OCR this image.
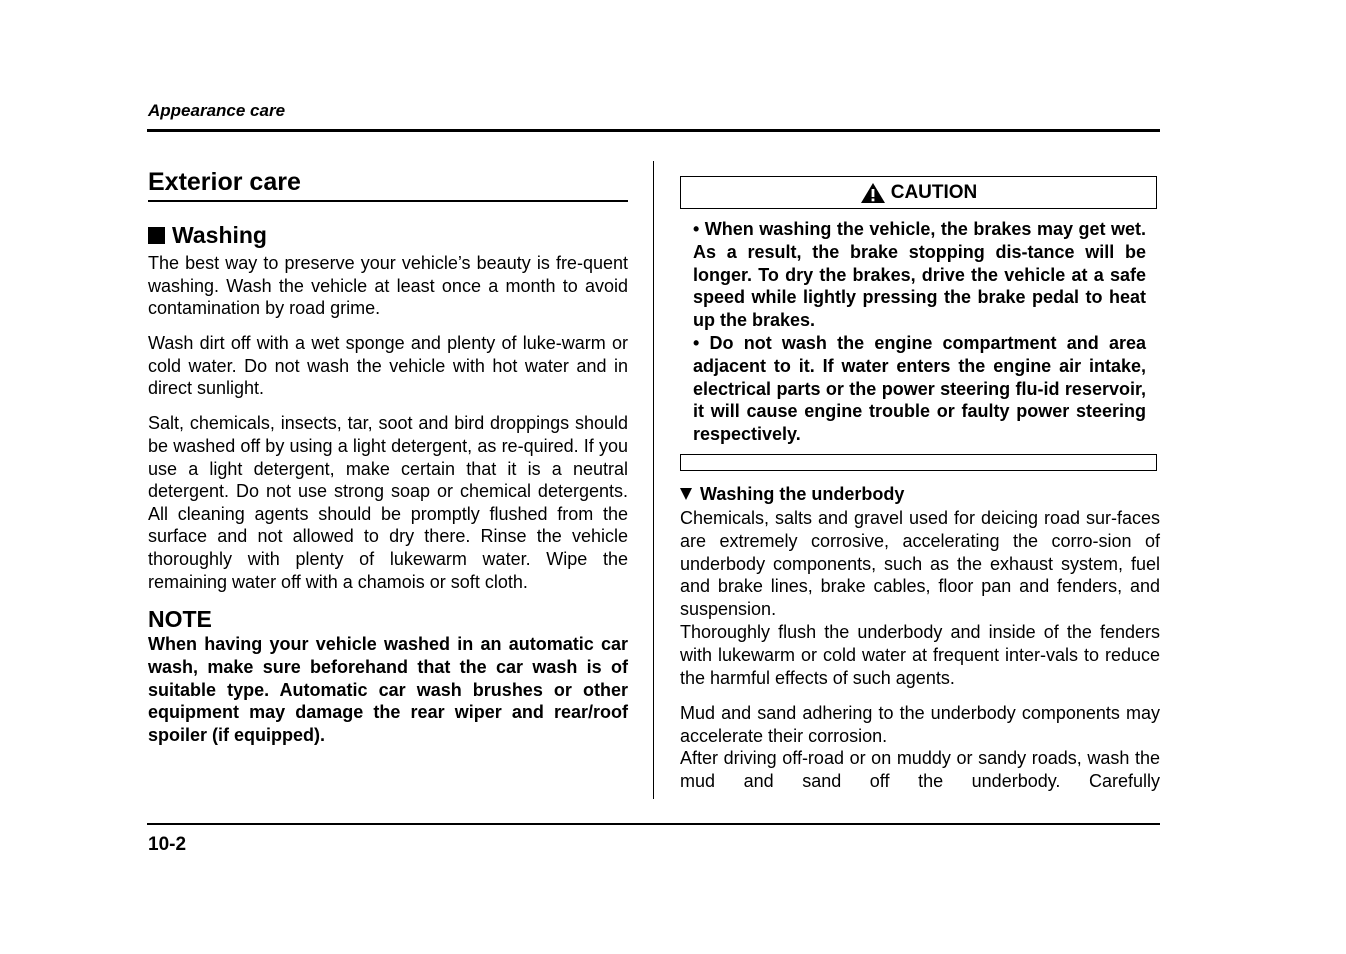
Appearance care
Exterior care
Washing

The best way to preserve your vehicle’s beauty is fre-quent washing. Wash the vehicle at least once a month to avoid contamination by road grime.

Wash dirt off with a wet sponge and plenty of luke-warm or cold water. Do not wash the vehicle with hot water and in direct sunlight.

Salt, chemicals, insects, tar, soot and bird droppings should be washed off by using a light detergent, as re-quired. If you use a light detergent, make certain that it is a neutral detergent. Do not use strong soap or chemical detergents. All cleaning agents should be promptly flushed from the surface and not allowed to dry there. Rinse the vehicle thoroughly with plenty of lukewarm water. Wipe the remaining water off with a chamois or soft cloth.

NOTE

When having your vehicle washed in an automatic car wash, make sure beforehand that the car wash is of suitable type. Automatic car wash brushes or other equipment may damage the rear wiper and rear/roof spoiler (if equipped).

CAUTION

• When washing the vehicle, the brakes may get wet. As a result, the brake stopping dis-tance will be longer. To dry the brakes, drive the vehicle at a safe speed while lightly pressing the brake pedal to heat up the brakes.

• Do not wash the engine compartment and area adjacent to it. If water enters the engine air intake, electrical parts or the power steering flu-id reservoir, it will cause engine trouble or faulty power steering respectively.

Washing the underbody

Chemicals, salts and gravel used for deicing road sur-faces are extremely corrosive, accelerating the corro-sion of underbody components, such as the exhaust system, fuel and brake lines, brake cables, floor pan and fenders, and suspension.

Thoroughly flush the underbody and inside of the fenders with lukewarm or cold water at frequent inter-vals to reduce the harmful effects of such agents.

Mud and sand adhering to the underbody components may accelerate their corrosion.

After driving off-road or on muddy or sandy roads, wash the mud and sand off the underbody. Carefully

10-2
